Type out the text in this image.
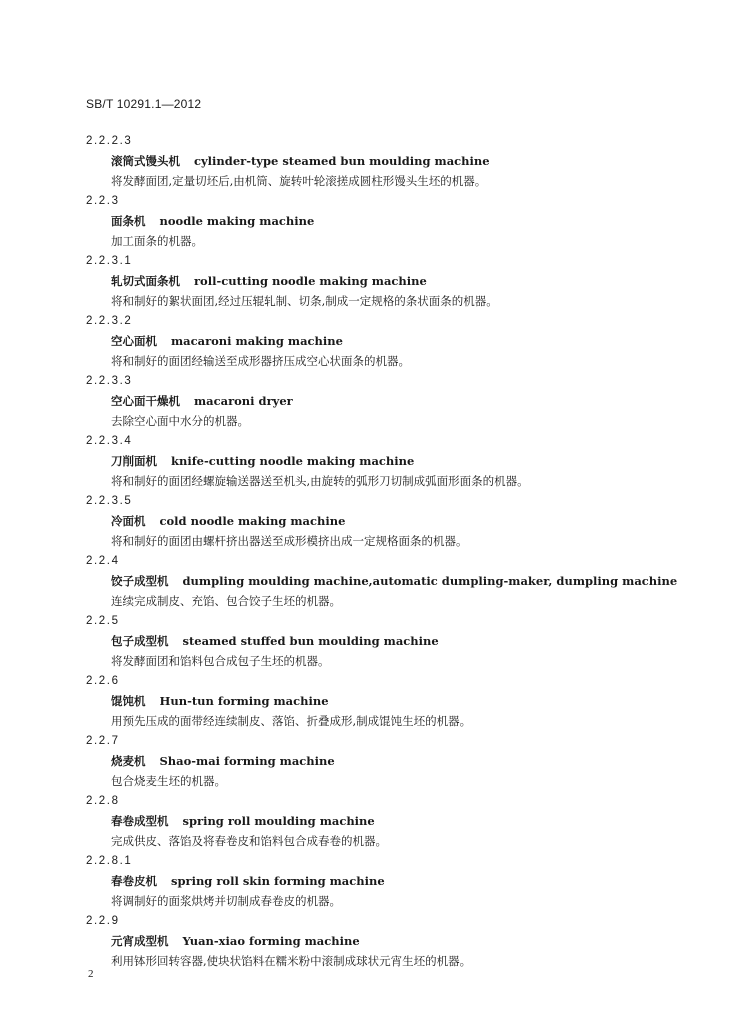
SB/T 10291.1—2012
2.2.2.3
滚筒式馒头机 cylinder-type steamed bun moulding machine
将发酵面团,定量切坯后,由机筒、旋转叶轮滚搓成圆柱形馒头生坯的机器。
2.2.3
面条机 noodle making machine
加工面条的机器。
2.2.3.1
轧切式面条机 roll-cutting noodle making machine
将和制好的絮状面团,经过压辊轧制、切条,制成一定规格的条状面条的机器。
2.2.3.2
空心面机 macaroni making machine
将和制好的面团经输送至成形器挤压成空心状面条的机器。
2.2.3.3
空心面干燥机 macaroni dryer
去除空心面中水分的机器。
2.2.3.4
刀削面机 knife-cutting noodle making machine
将和制好的面团经螺旋输送器送至机头,由旋转的弧形刀切制成弧面形面条的机器。
2.2.3.5
冷面机 cold noodle making machine
将和制好的面团由螺杆挤出器送至成形模挤出成一定规格面条的机器。
2.2.4
饺子成型机 dumpling moulding machine,automatic dumpling-maker, dumpling machine
连续完成制皮、充馅、包合饺子生坯的机器。
2.2.5
包子成型机 steamed stuffed bun moulding machine
将发酵面团和馅料包合成包子生坯的机器。
2.2.6
馄饨机 Hun-tun forming machine
用预先压成的面带经连续制皮、落馅、折叠成形,制成馄饨生坯的机器。
2.2.7
烧麦机 Shao-mai forming machine
包合烧麦生坯的机器。
2.2.8
春卷成型机 spring roll moulding machine
完成供皮、落馅及将春卷皮和馅料包合成春卷的机器。
2.2.8.1
春卷皮机 spring roll skin forming machine
将调制好的面浆烘烤并切制成春卷皮的机器。
2.2.9
元宵成型机 Yuan-xiao forming machine
利用钵形回转容器,使块状馅料在糯米粉中滚制成球状元宵生坯的机器。
2
